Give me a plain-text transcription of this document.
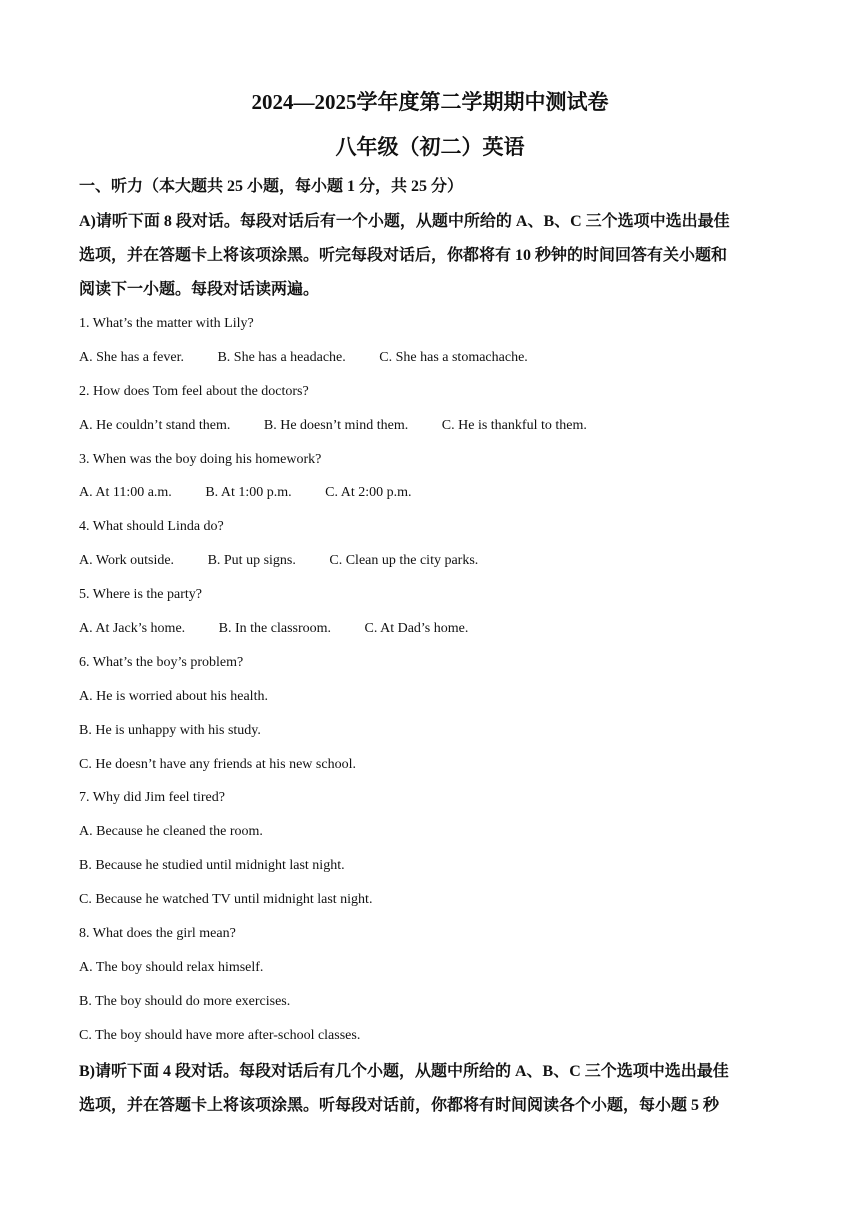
2024—2025学年度第二学期期中测试卷
八年级（初二）英语

一、听力（本大题共 25 小题，每小题 1 分，共 25 分）

A)请听下面 8 段对话。每段对话后有一个小题，从题中所给的 A、B、C 三个选项中选出最佳
选项，并在答题卡上将该项涂黑。听完每段对话后，你都将有 10 秒钟的时间回答有关小题和
阅读下一小题。每段对话读两遍。
1. What’s the matter with Lily?
A. She has a fever. B. She has a headache. C. She has a stomachache.
2. How does Tom feel about the doctors?
A. He couldn’t stand them. B. He doesn’t mind them. C. He is thankful to them.
3. When was the boy doing his homework?
A. At 11:00 a.m. B. At 1:00 p.m. C. At 2:00 p.m.
4. What should Linda do?
A. Work outside. B. Put up signs. C. Clean up the city parks.
5. Where is the party?
A. At Jack’s home. B. In the classroom. C. At Dad’s home.
6. What’s the boy’s problem?
A. He is worried about his health.
B. He is unhappy with his study.
C. He doesn’t have any friends at his new school.
7. Why did Jim feel tired?
A. Because he cleaned the room.
B. Because he studied until midnight last night.
C. Because he watched TV until midnight last night.
8. What does the girl mean?
A. The boy should relax himself.
B. The boy should do more exercises.
C. The boy should have more after-school classes.
B)请听下面 4 段对话。每段对话后有几个小题，从题中所给的 A、B、C 三个选项中选出最佳
选项，并在答题卡上将该项涂黑。听每段对话前，你都将有时间阅读各个小题，每小题 5 秒
